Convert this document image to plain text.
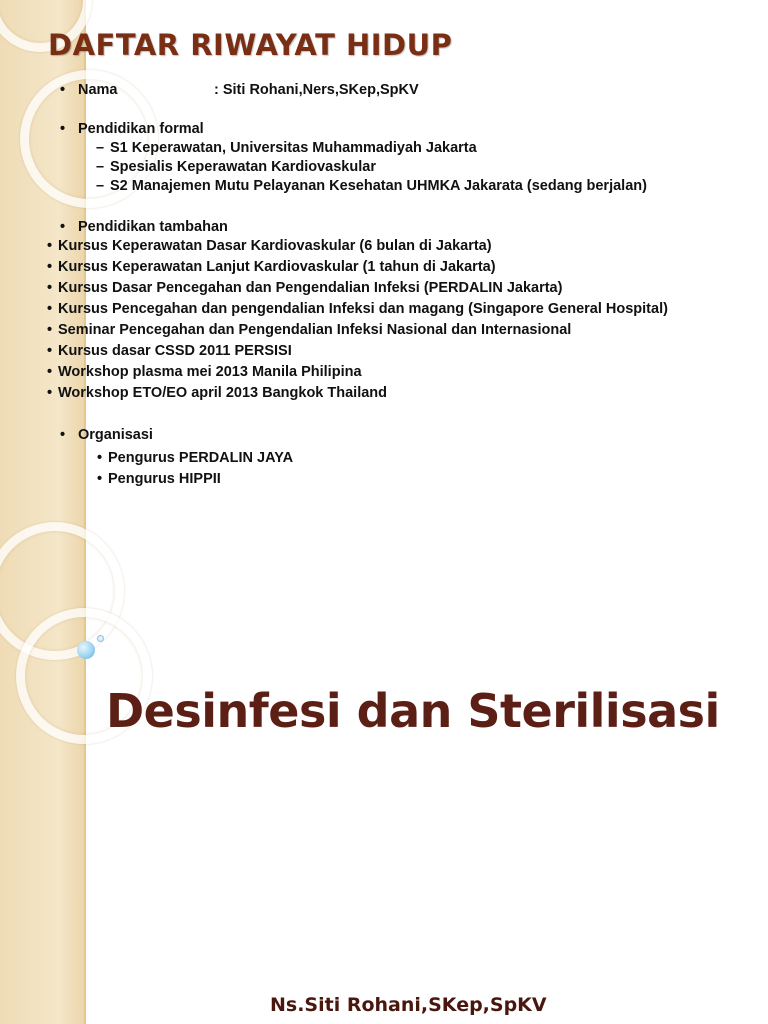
DAFTAR RIWAYAT HIDUP
• Nama	: Siti Rohani,Ners,SKep,SpKV
• Pendidikan formal
– S1 Keperawatan, Universitas Muhammadiyah Jakarta
– Spesialis Keperawatan Kardiovaskular
– S2 Manajemen Mutu Pelayanan Kesehatan UHMKA Jakarata (sedang berjalan)
• Pendidikan tambahan
• Kursus Keperawatan Dasar Kardiovaskular (6 bulan di Jakarta)
• Kursus Keperawatan Lanjut Kardiovaskular (1 tahun di Jakarta)
• Kursus Dasar Pencegahan dan Pengendalian Infeksi (PERDALIN Jakarta)
• Kursus Pencegahan dan pengendalian Infeksi dan magang (Singapore General Hospital)
• Seminar Pencegahan dan Pengendalian Infeksi Nasional dan Internasional
• Kursus dasar CSSD 2011 PERSISI
• Workshop plasma mei 2013 Manila Philipina
• Workshop ETO/EO april 2013 Bangkok Thailand
• Organisasi
• Pengurus PERDALIN JAYA
• Pengurus HIPPII
Desinfesi dan Sterilisasi
Ns.Siti Rohani,SKep,SpKV
